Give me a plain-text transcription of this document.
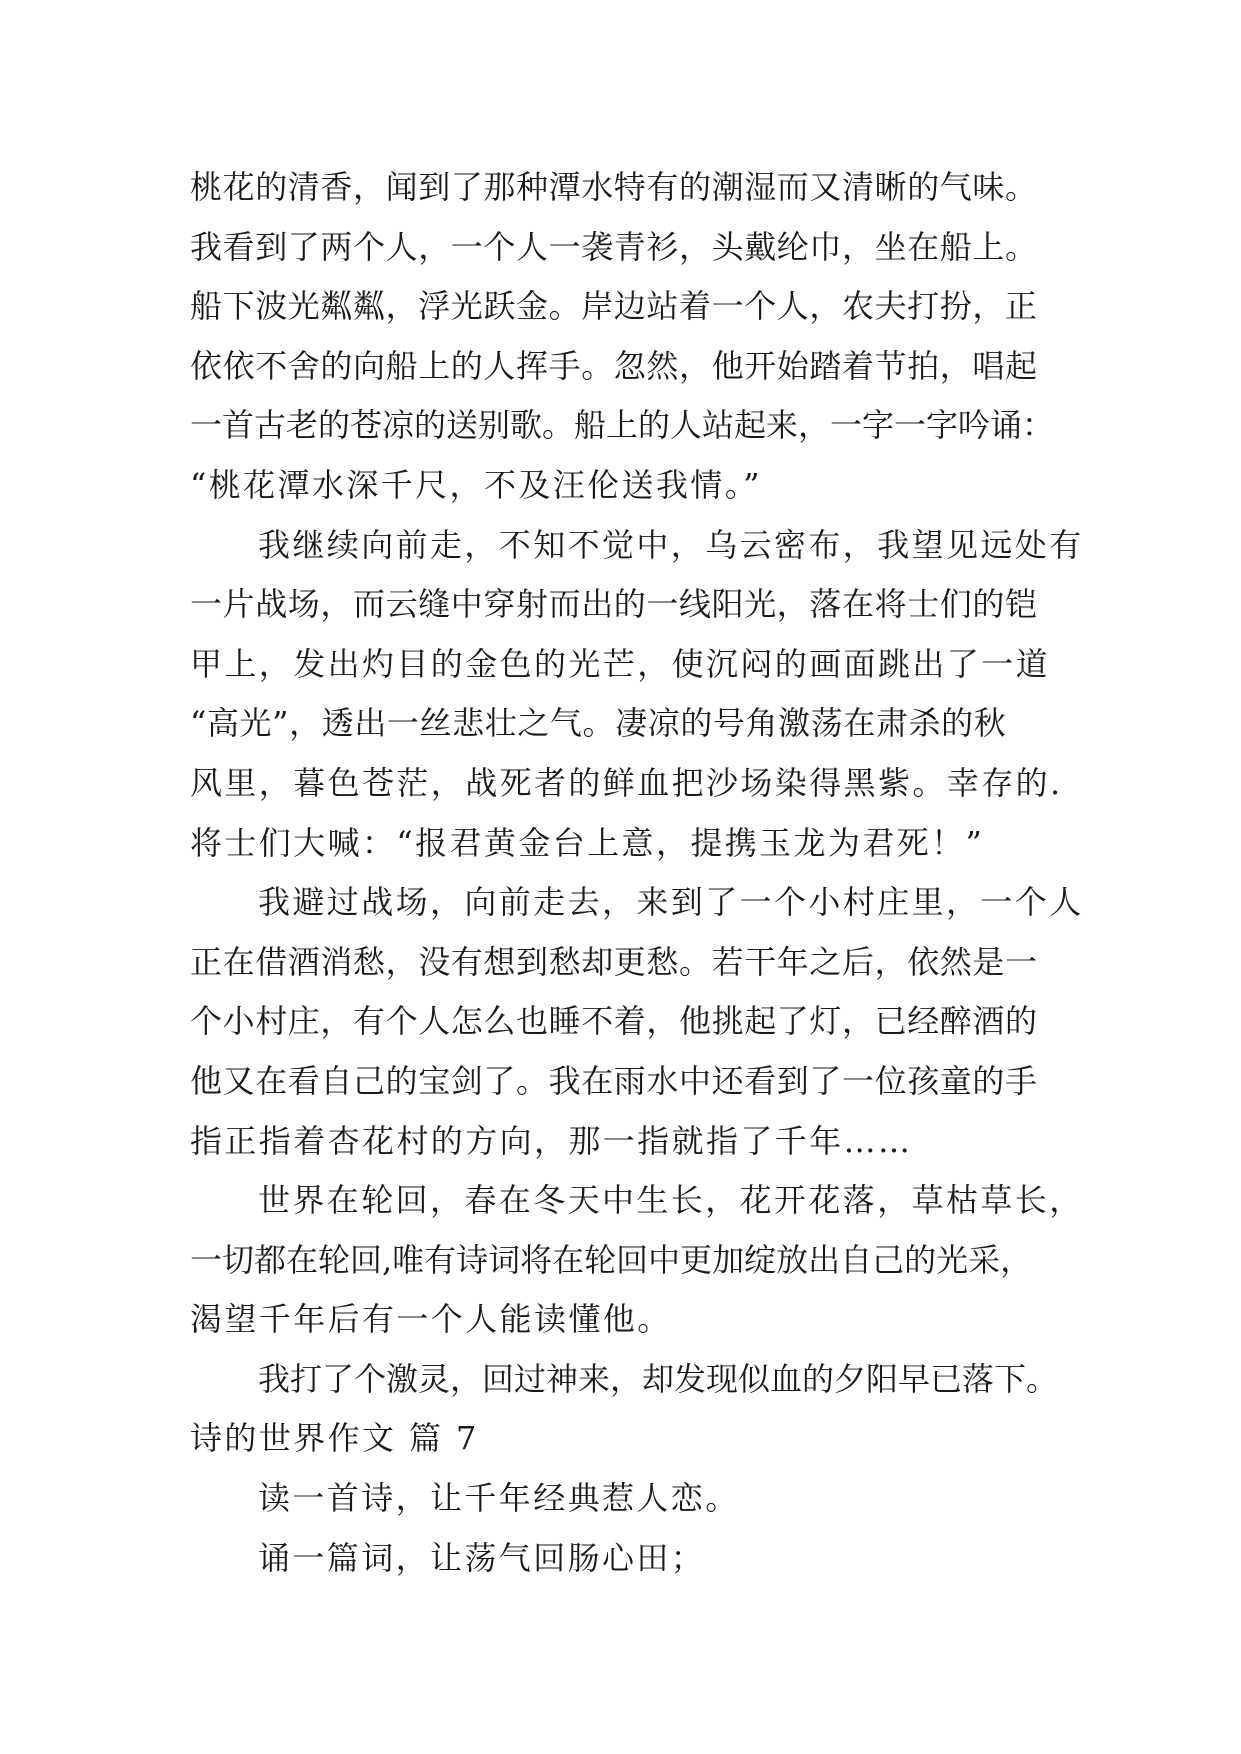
桃花的清香，闻到了那种潭水特有的潮湿而又清晰的气味。
我看到了两个人，一个人一袭青衫，头戴纶巾，坐在船上。
船下波光粼粼，浮光跃金。岸边站着一个人，农夫打扮，正
依依不舍的向船上的人挥手。忽然，他开始踏着节拍，唱起
一首古老的苍凉的送别歌。船上的人站起来，一字一字吟诵：
“桃花潭水深千尺，不及汪伦送我情。”
我继续向前走，不知不觉中，乌云密布，我望见远处有
一片战场，而云缝中穿射而出的一线阳光，落在将士们的铠
甲上，发出灼目的金色的光芒，使沉闷的画面跳出了一道
“高光”，透出一丝悲壮之气。凄凉的号角激荡在肃杀的秋
风里，暮色苍茫，战死者的鲜血把沙场染得黑紫。幸存的.
将士们大喊：“报君黄金台上意，提携玉龙为君死！”
我避过战场，向前走去，来到了一个小村庄里，一个人
正在借酒消愁，没有想到愁却更愁。若干年之后，依然是一
个小村庄，有个人怎么也睡不着，他挑起了灯，已经醉酒的
他又在看自己的宝剑了。我在雨水中还看到了一位孩童的手
指正指着杏花村的方向，那一指就指了千年……
世界在轮回，春在冬天中生长，花开花落，草枯草长，
一切都在轮回,唯有诗词将在轮回中更加绽放出自己的光采，
渴望千年后有一个人能读懂他。
我打了个激灵，回过神来，却发现似血的夕阳早已落下。
诗的世界作文 篇 7
读一首诗，让千年经典惹人恋。
诵一篇词，让荡气回肠心田；
